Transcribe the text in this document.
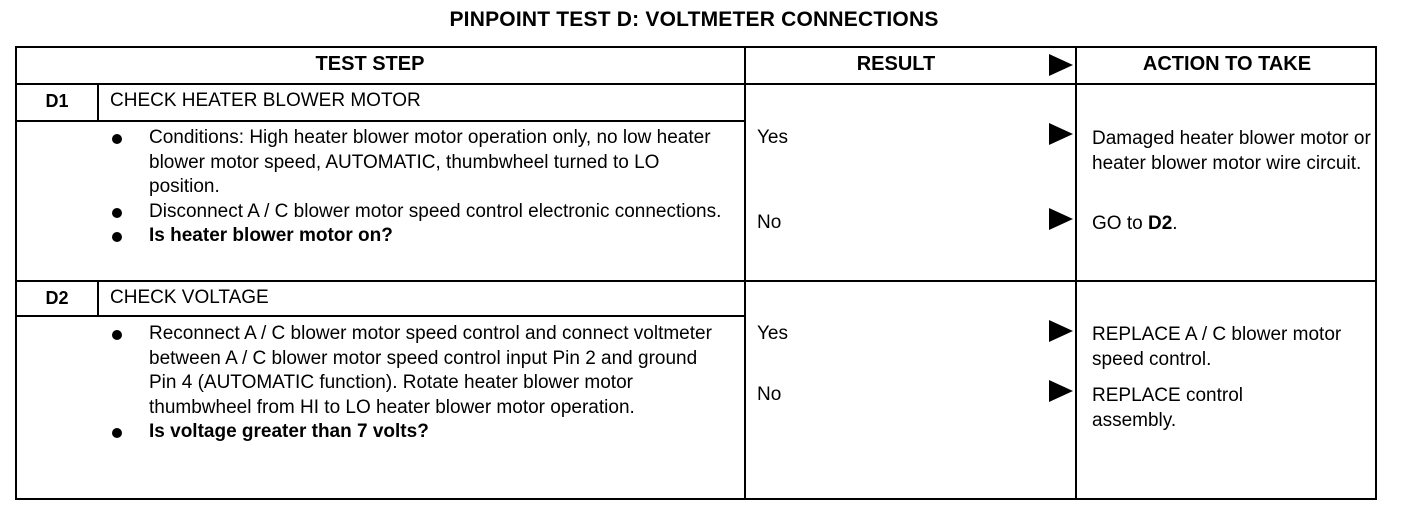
PINPOINT TEST D: VOLTMETER CONNECTIONS
TEST STEP	RESULT	ACTION TO TAKE
D1	CHECK HEATER BLOWER MOTOR
Conditions: High heater blower motor operation only, no low heater blower motor speed, AUTOMATIC, thumbwheel turned to LO position.
Disconnect A / C blower motor speed control electronic connections.
Is heater blower motor on?
Yes	Damaged heater blower motor or heater blower motor wire circuit.
No	GO to D2.
D2	CHECK VOLTAGE
Reconnect A / C blower motor speed control and connect voltmeter between A / C blower motor speed control input Pin 2 and ground Pin 4 (AUTOMATIC function). Rotate heater blower motor thumbwheel from HI to LO heater blower motor operation.
Is voltage greater than 7 volts?
Yes	REPLACE A / C blower motor speed control.
No	REPLACE control assembly.
